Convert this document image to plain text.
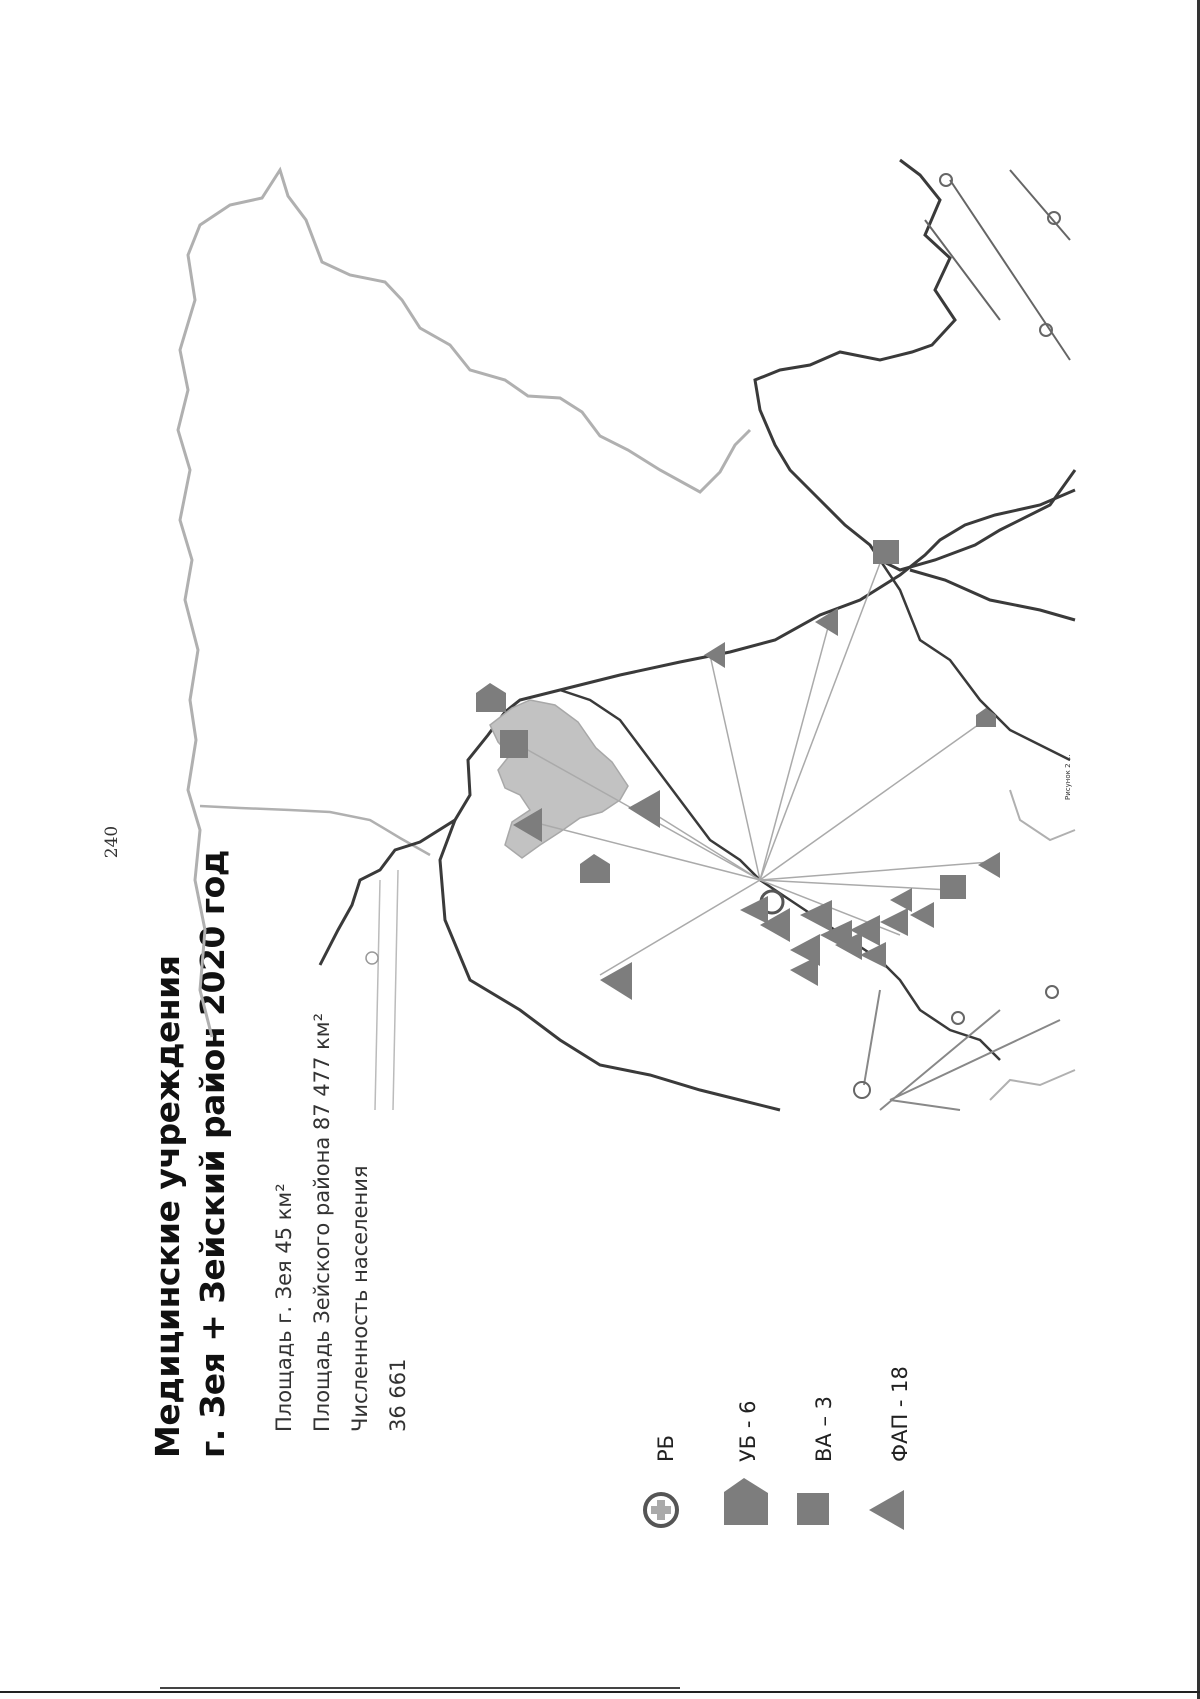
240
Медицинские учреждения г. Зея + Зейский район 2020 год Площадь г. Зея 45 км² Площадь Зейского района 87 477 км² Численность населения 36 661
РБ	УБ - 6 ВА – 3 ФАП - 18
Рисунок 2 ...
